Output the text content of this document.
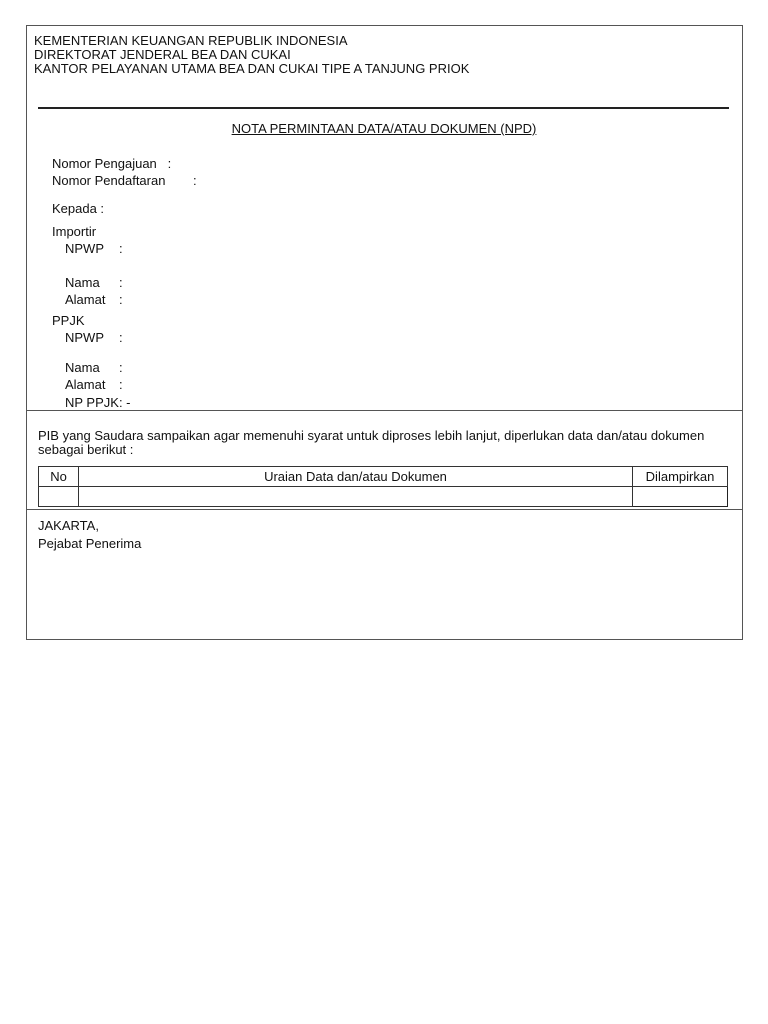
KEMENTERIAN KEUANGAN REPUBLIK INDONESIA
DIREKTORAT JENDERAL BEA DAN CUKAI
KANTOR PELAYANAN UTAMA BEA DAN CUKAI TIPE A TANJUNG PRIOK
NOTA PERMINTAAN DATA/ATAU DOKUMEN (NPD)
Nomor Pengajuan   :
Nomor Pendaftaran :
Kepada :
Importir
NPWP :
Nama :
Alamat :
PPJK
NPWP :
Nama :
Alamat :
NP PPJK: -
PIB yang Saudara sampaikan agar memenuhi syarat untuk diproses lebih lanjut, diperlukan data dan/atau dokumen
sebagai berikut :
No	Uraian Data dan/atau Dokumen	Dilampirkan

JAKARTA,
Pejabat Penerima
